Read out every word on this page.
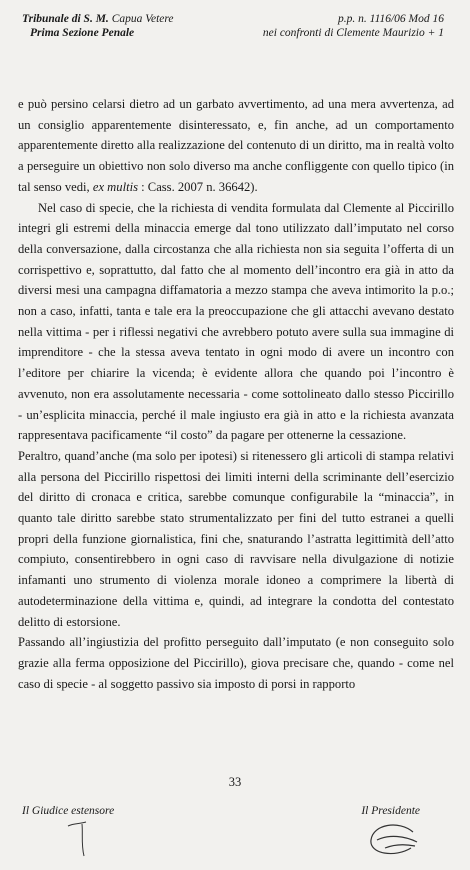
Tribunale di S. M. Capua Vetere
Prima Sezione Penale
p.p. n. 1116/06 Mod 16
nei confronti di Clemente Maurizio + 1

e può persino celarsi dietro ad un garbato avvertimento, ad una mera avvertenza, ad un consiglio apparentemente disinteressato, e, fin anche, ad un comportamento apparentemente diretto alla realizzazione del contenuto di un diritto, ma in realtà volto a perseguire un obiettivo non solo diverso ma anche confliggente con quello tipico (in tal senso vedi, ex multis : Cass. 2007 n. 36642).

Nel caso di specie, che la richiesta di vendita formulata dal Clemente al Piccirillo integri gli estremi della minaccia emerge dal tono utilizzato dall’imputato nel corso della conversazione, dalla circostanza che alla richiesta non sia seguita l’offerta di un corrispettivo e, soprattutto, dal fatto che al momento dell’incontro era già in atto da diversi mesi una campagna diffamatoria a mezzo stampa che aveva intimorito la p.o.; non a caso, infatti, tanta e tale era la preoccupazione che gli attacchi avevano destato nella vittima - per i riflessi negativi che avrebbero potuto avere sulla sua immagine di imprenditore - che la stessa aveva tentato in ogni modo di avere un incontro con l’editore per chiarire la vicenda; è evidente allora che quando poi l’incontro è avvenuto, non era assolutamente necessaria - come sottolineato dallo stesso Piccirillo - un’esplicita minaccia, perché il male ingiusto era già in atto e la richiesta avanzata rappresentava pacificamente “il costo” da pagare per ottenerne la cessazione.

Peraltro, quand’anche (ma solo per ipotesi) si ritenessero gli articoli di stampa relativi alla persona del Piccirillo rispettosi dei limiti interni della scriminante dell’esercizio del diritto di cronaca e critica, sarebbe comunque configurabile la “minaccia”, in quanto tale diritto sarebbe stato strumentalizzato per fini del tutto estranei a quelli propri della funzione giornalistica, fini che, snaturando l’astratta legittimità dell’atto compiuto, consentirebbero in ogni caso di ravvisare nella divulgazione di notizie infamanti uno strumento di violenza morale idoneo a comprimere la libertà di autodeterminazione della vittima e, quindi, ad integrare la condotta del contestato delitto di estorsione.

Passando all’ingiustizia del profitto perseguito dall’imputato (e non conseguito solo grazie alla ferma opposizione del Piccirillo), giova precisare che, quando - come nel caso di specie - al soggetto passivo sia imposto di porsi in rapporto

33
Il Giudice estensore	Il Presidente
